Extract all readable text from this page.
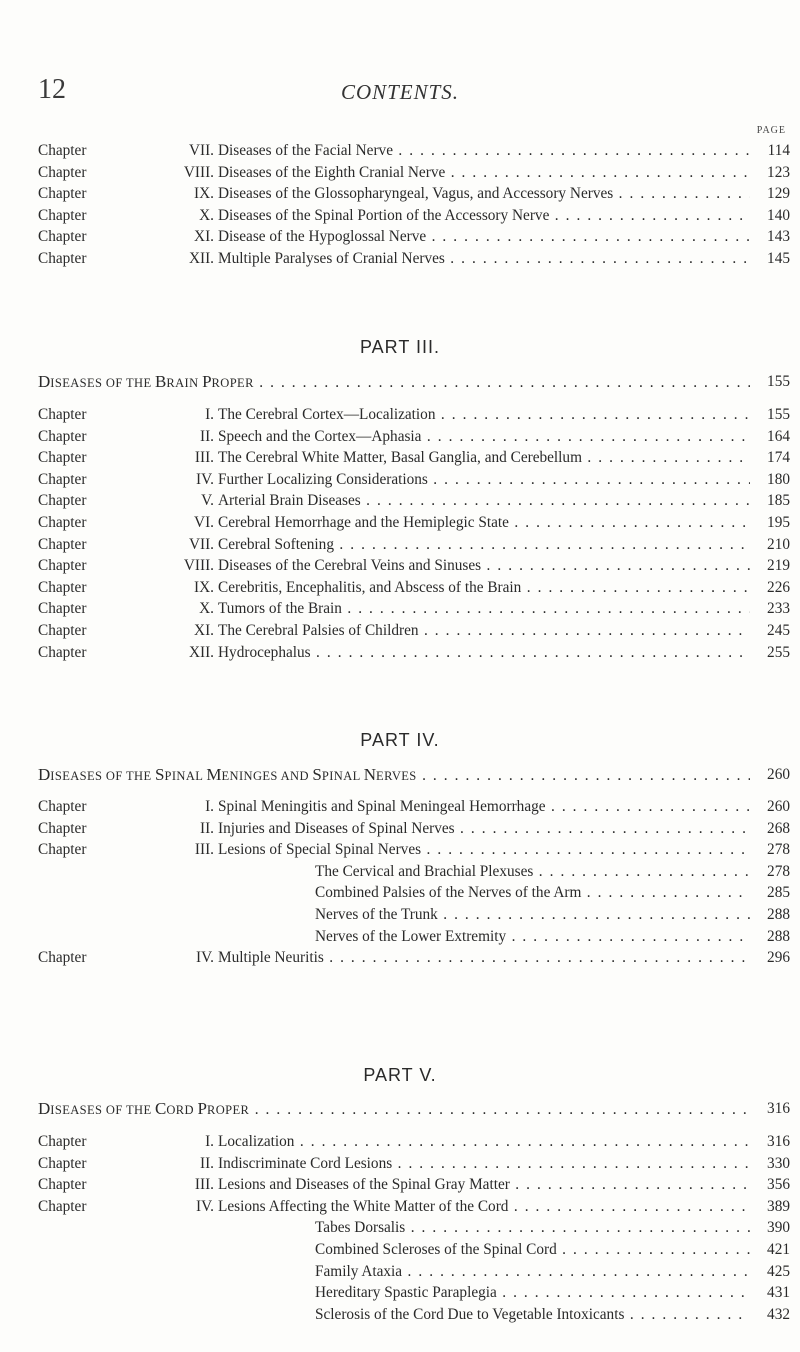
12	CONTENTS.
PAGE
Chapter	VII. Diseases of the Facial Nerve . . .	114
Chapter	VIII. Diseases of the Eighth Cranial Nerve . . .	123
Chapter	IX. Diseases of the Glossopharyngeal, Vagus, and Accessory Nerves . . .	129
Chapter	X. Diseases of the Spinal Portion of the Accessory Nerve . . .	140
Chapter	XI. Disease of the Hypoglossal Nerve . . .	143
Chapter	XII. Multiple Paralyses of Cranial Nerves . . .	145
PART III.
DISEASES OF THE BRAIN PROPER . . .	155
Chapter	I. The Cerebral Cortex—Localization . . .	155
Chapter	II. Speech and the Cortex—Aphasia . . .	164
Chapter	III. The Cerebral White Matter, Basal Ganglia, and Cerebellum . . .	174
Chapter	IV. Further Localizing Considerations . . .	180
Chapter	V. Arterial Brain Diseases . . .	185
Chapter	VI. Cerebral Hemorrhage and the Hemiplegic State . . .	195
Chapter	VII. Cerebral Softening . . .	210
Chapter	VIII. Diseases of the Cerebral Veins and Sinuses . . .	219
Chapter	IX. Cerebritis, Encephalitis, and Abscess of the Brain . . .	226
Chapter	X. Tumors of the Brain . . .	233
Chapter	XI. The Cerebral Palsies of Children . . .	245
Chapter	XII. Hydrocephalus . . .	255
PART IV.
DISEASES OF THE SPINAL MENINGES AND SPINAL NERVES . . .	260
Chapter	I. Spinal Meningitis and Spinal Meningeal Hemorrhage . . .	260
Chapter	II. Injuries and Diseases of Spinal Nerves . . .	268
Chapter	III. Lesions of Special Spinal Nerves . . .	278
The Cervical and Brachial Plexuses . . .	278
Combined Palsies of the Nerves of the Arm . . .	285
Nerves of the Trunk . . .	288
Nerves of the Lower Extremity . . .	288
Chapter	IV. Multiple Neuritis . . .	296
PART V.
DISEASES OF THE CORD PROPER . . .	316
Chapter	I. Localization . . .	316
Chapter	II. Indiscriminate Cord Lesions . . .	330
Chapter	III. Lesions and Diseases of the Spinal Gray Matter . . .	356
Chapter	IV. Lesions Affecting the White Matter of the Cord . . .	389
Tabes Dorsalis . . .	390
Combined Scleroses of the Spinal Cord . . .	421
Family Ataxia . . .	425
Hereditary Spastic Paraplegia . . .	431
Sclerosis of the Cord Due to Vegetable Intoxicants . . .	432
